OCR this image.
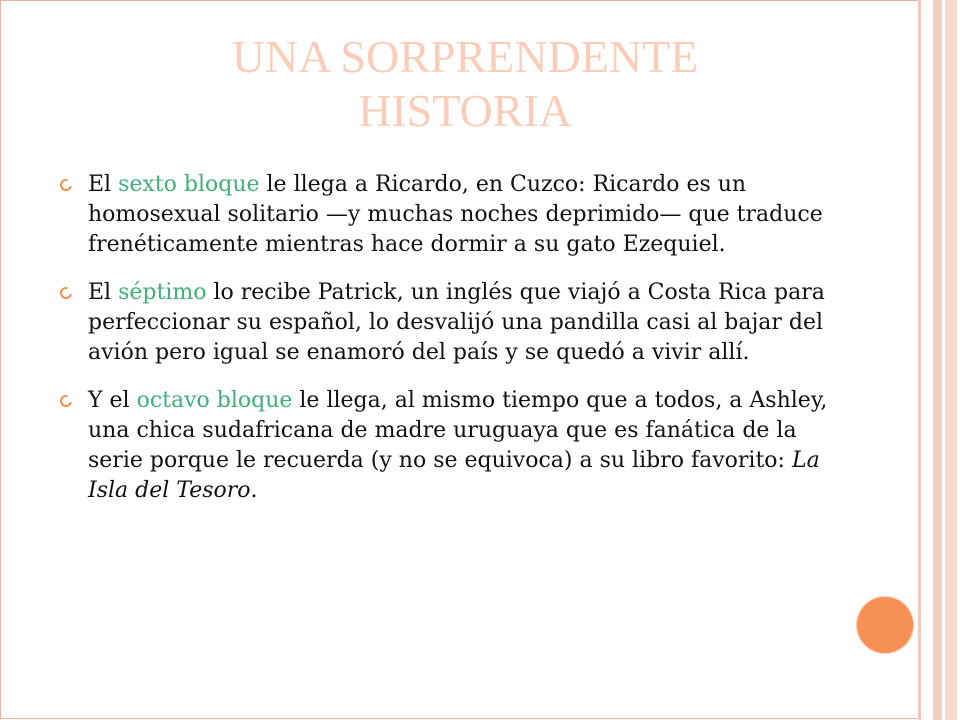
UNA SORPRENDENTE
HISTORIA
El sexto bloque le llega a Ricardo, en Cuzco: Ricardo es un homosexual solitario —y muchas noches deprimido— que traduce frenéticamente mientras hace dormir a su gato Ezequiel.
El séptimo lo recibe Patrick, un inglés que viajó a Costa Rica para perfeccionar su español, lo desvalijó una pandilla casi al bajar del avión pero igual se enamoró del país y se quedó a vivir allí.
Y el octavo bloque le llega, al mismo tiempo que a todos, a Ashley, una chica sudafricana de madre uruguaya que es fanática de la serie porque le recuerda (y no se equivoca) a su libro favorito: La Isla del Tesoro.
